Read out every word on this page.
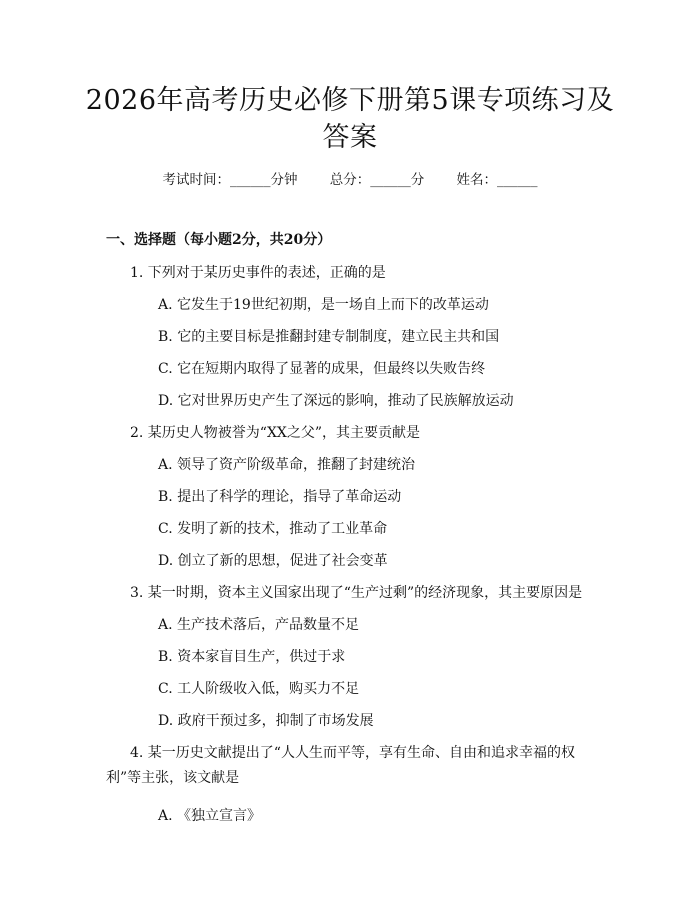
2026年高考历史必修下册第5课专项练习及
答案
考试时间：______分钟 总分：______分 姓名：______
一、选择题（每小题2分，共20分）
1. 下列对于某历史事件的表述，正确的是
A. 它发生于19世纪初期，是一场自上而下的改革运动
B. 它的主要目标是推翻封建专制制度，建立民主共和国
C. 它在短期内取得了显著的成果，但最终以失败告终
D. 它对世界历史产生了深远的影响，推动了民族解放运动
2. 某历史人物被誉为“XX之父”，其主要贡献是
A. 领导了资产阶级革命，推翻了封建统治
B. 提出了科学的理论，指导了革命运动
C. 发明了新的技术，推动了工业革命
D. 创立了新的思想，促进了社会变革
3. 某一时期，资本主义国家出现了“生产过剩”的经济现象，其主要原因是
A. 生产技术落后，产品数量不足
B. 资本家盲目生产，供过于求
C. 工人阶级收入低，购买力不足
D. 政府干预过多，抑制了市场发展
4. 某一历史文献提出了“人人生而平等，享有生命、自由和追求幸福的权利”等主张，该文献是
A. 《独立宣言》
